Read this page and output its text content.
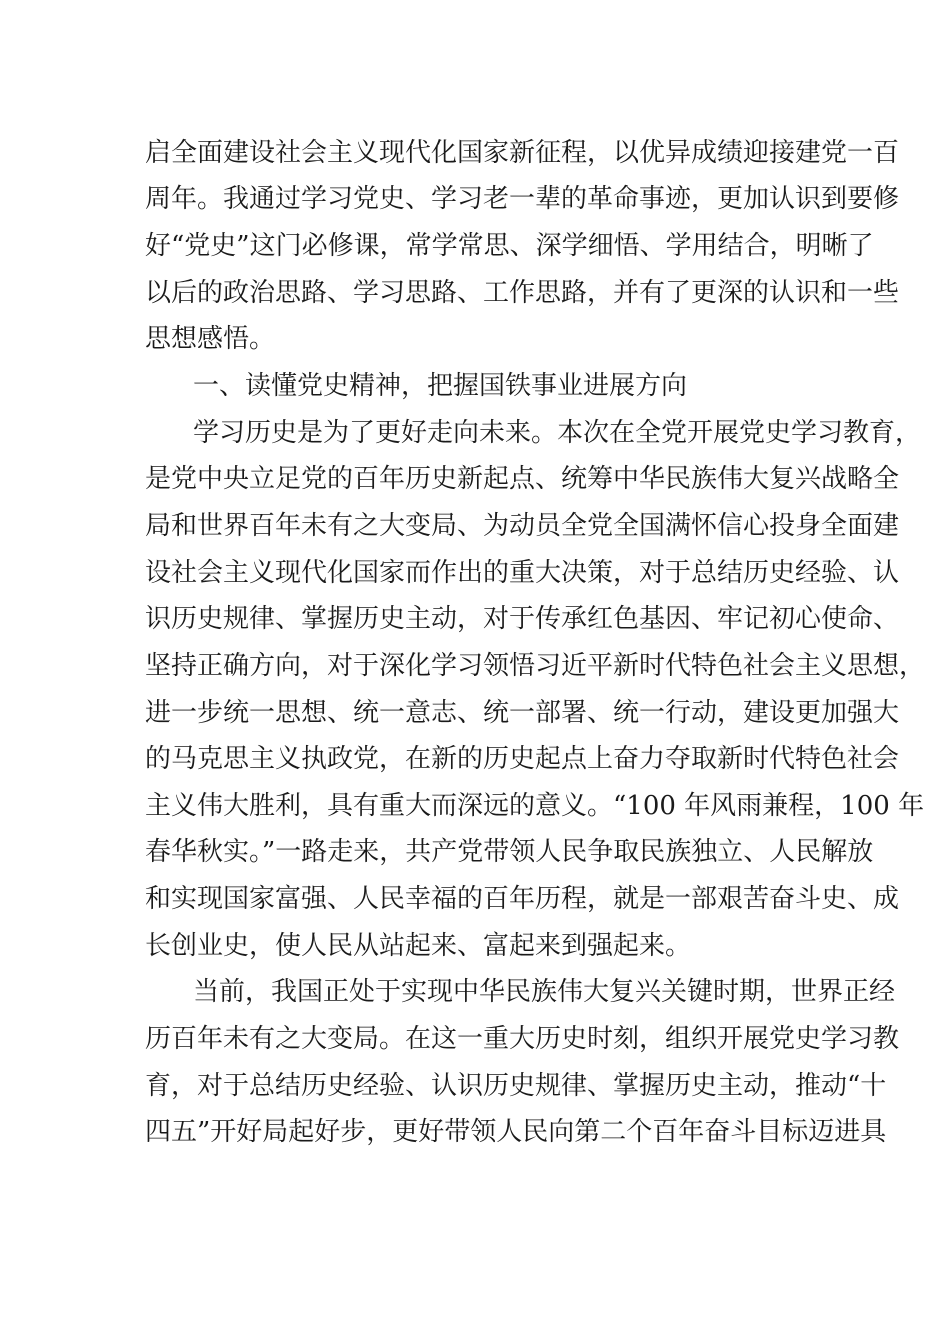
启全面建设社会主义现代化国家新征程，以优异成绩迎接建党一百
周年。我通过学习党史、学习老一辈的革命事迹，更加认识到要修
好“党史”这门必修课，常学常思、深学细悟、学用结合，明晰了
以后的政治思路、学习思路、工作思路，并有了更深的认识和一些
思想感悟。
一、读懂党史精神，把握国铁事业进展方向
学习历史是为了更好走向未来。本次在全党开展党史学习教育，
是党中央立足党的百年历史新起点、统筹中华民族伟大复兴战略全
局和世界百年未有之大变局、为动员全党全国满怀信心投身全面建
设社会主义现代化国家而作出的重大决策，对于总结历史经验、认
识历史规律、掌握历史主动，对于传承红色基因、牢记初心使命、
坚持正确方向，对于深化学习领悟习近平新时代特色社会主义思想，
进一步统一思想、统一意志、统一部署、统一行动，建设更加强大
的马克思主义执政党，在新的历史起点上奋力夺取新时代特色社会
主义伟大胜利，具有重大而深远的意义。“100 年风雨兼程，100 年
春华秋实。”一路走来，共产党带领人民争取民族独立、人民解放
和实现国家富强、人民幸福的百年历程，就是一部艰苦奋斗史、成
长创业史，使人民从站起来、富起来到强起来。
当前，我国正处于实现中华民族伟大复兴关键时期，世界正经
历百年未有之大变局。在这一重大历史时刻，组织开展党史学习教
育，对于总结历史经验、认识历史规律、掌握历史主动，推动“十
四五”开好局起好步，更好带领人民向第二个百年奋斗目标迈进具
